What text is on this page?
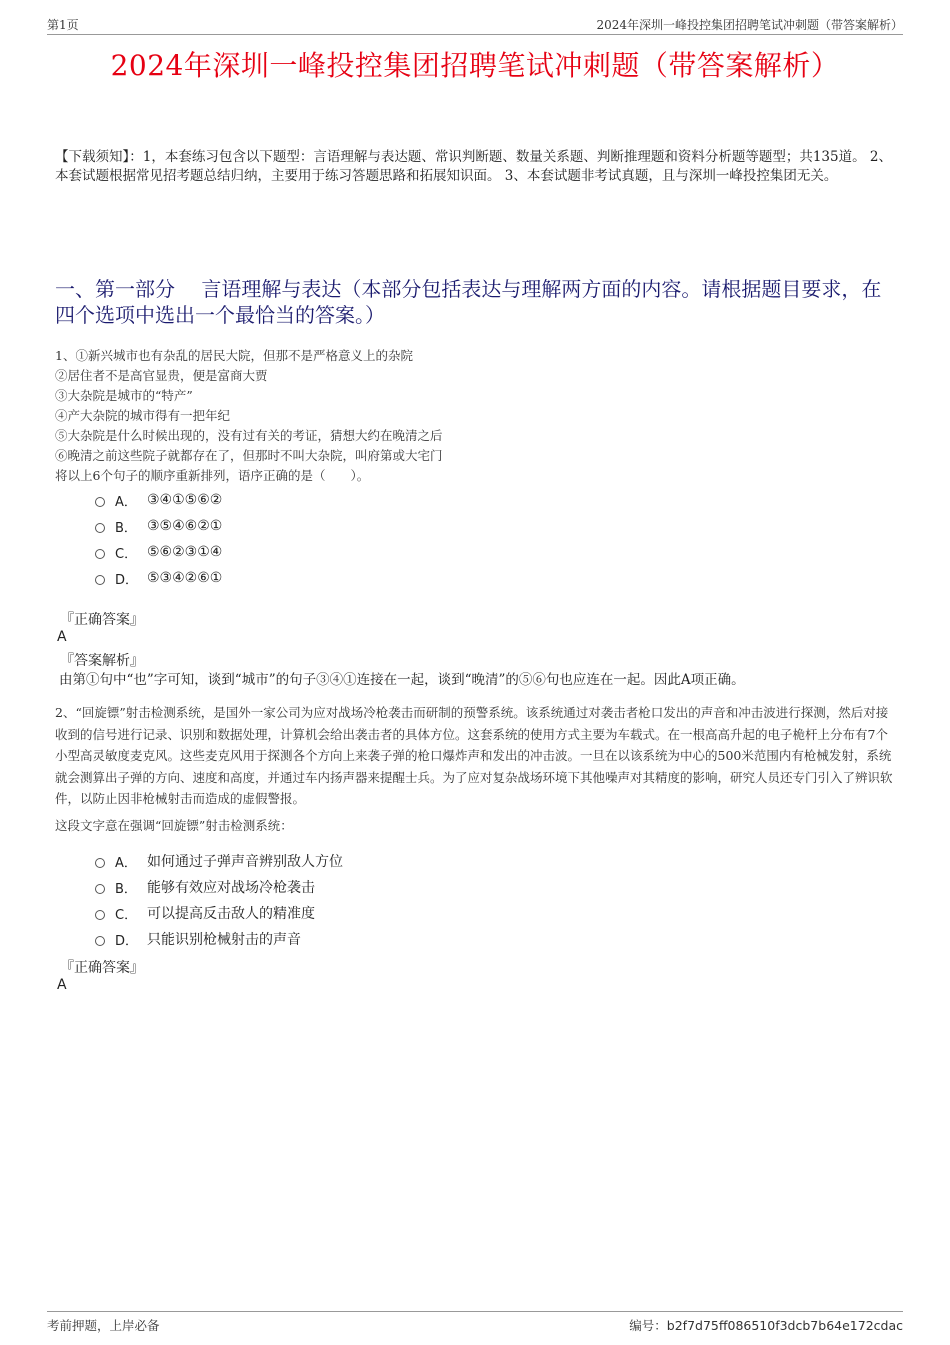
第1页	2024年深圳一峰投控集团招聘笔试冲刺题（带答案解析）
2024年深圳一峰投控集团招聘笔试冲刺题（带答案解析）
【下载须知】：1，本套练习包含以下题型：言语理解与表达题、常识判断题、数量关系题、判断推理题和资料分析题等题型；共135道。 2、本套试题根据常见招考题总结归纳，主要用于练习答题思路和拓展知识面。 3、本套试题非考试真题，且与深圳一峰投控集团无关。
一、第一部分　 言语理解与表达（本部分包括表达与理解两方面的内容。请根据题目要求，在四个选项中选出一个最恰当的答案。）
1、①新兴城市也有杂乱的居民大院，但那不是严格意义上的杂院
②居住者不是高官显贵，便是富商大贾
③大杂院是城市的“特产”
④产大杂院的城市得有一把年纪
⑤大杂院是什么时候出现的，没有过有关的考证，猜想大约在晚清之后
⑥晚清之前这些院子就都存在了，但那时不叫大杂院，叫府第或大宅门
将以上6个句子的顺序重新排列，语序正确的是（　　）。
A． ③④①⑤⑥②
B． ③⑤④⑥②①
C． ⑤⑥②③①④
D． ⑤③④②⑥①
『正确答案』
A
『答案解析』
由第①句中“也”字可知，谈到“城市”的句子③④①连接在一起，谈到“晚清”的⑤⑥句也应连在一起。因此A项正确。
2、“回旋镖”射击检测系统，是国外一家公司为应对战场冷枪袭击而研制的预警系统。该系统通过对袭击者枪口发出的声音和冲击波进行探测，然后对接收到的信号进行记录、识别和数据处理，计算机会给出袭击者的具体方位。这套系统的使用方式主要为车载式。在一根高高升起的电子桅杆上分布有7个小型高灵敏度麦克风。这些麦克风用于探测各个方向上来袭子弹的枪口爆炸声和发出的冲击波。一旦在以该系统为中心的500米范围内有枪械发射，系统就会测算出子弹的方向、速度和高度，并通过车内扬声器来提醒士兵。为了应对复杂战场环境下其他噪声对其精度的影响，研究人员还专门引入了辨识软件，以防止因非枪械射击而造成的虚假警报。
这段文字意在强调“回旋镖”射击检测系统：
A． 如何通过子弹声音辨别敌人方位
B． 能够有效应对战场冷枪袭击
C． 可以提高反击敌人的精准度
D． 只能识别枪械射击的声音
『正确答案』
A
考前押题，上岸必备	编号：b2f7d75ff086510f3dcb7b64e172cdac
